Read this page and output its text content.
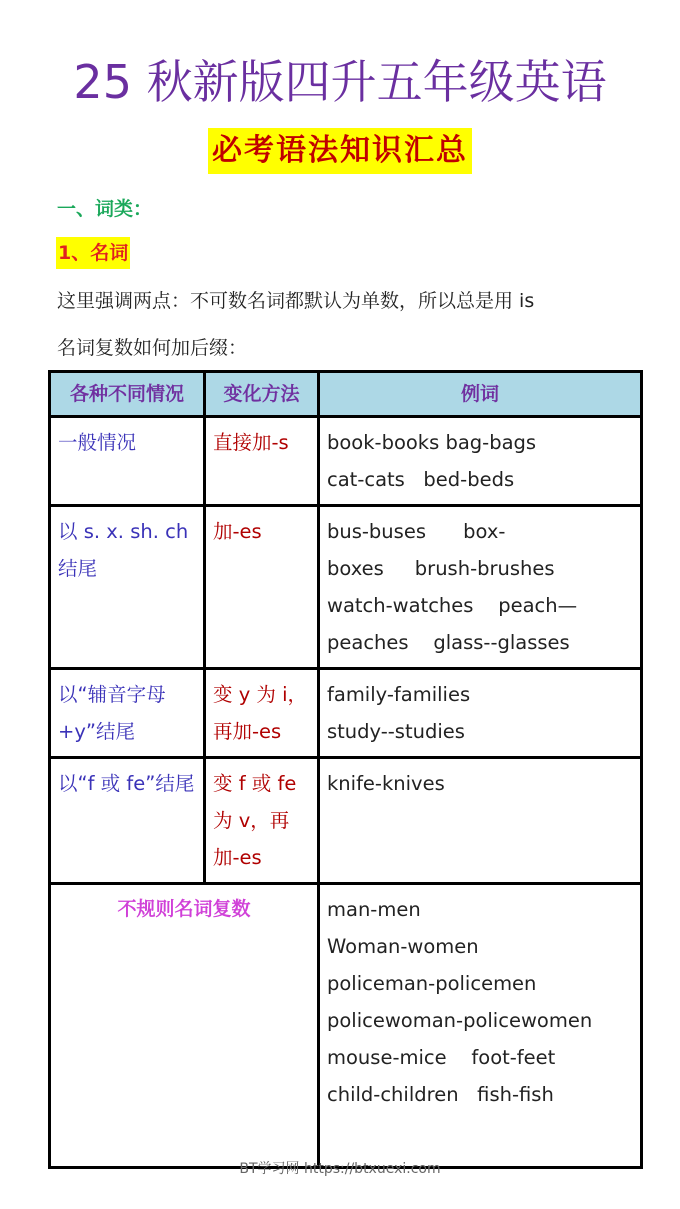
25 秋新版四升五年级英语
必考语法知识汇总
一、词类：
1、名词
这里强调两点：不可数名词都默认为单数，所以总是用 is
名词复数如何加后缀：
各种不同情况	变化方法	例词
一般情况	直接加-s	book-books bag-bags
cat-cats   bed-beds

以 s. x. sh. ch 结尾	加-es	bus-buses      box-boxes     brush-brushes
watch-watches    peach—peaches    glass--glasses

以“辅音字母+y”结尾	变 y 为 i，再加-es	family-families
study--studies

以“f 或 fe”结尾	变 f 或 fe 为 v，再加-es	knife-knives

不规则名词复数		man-men
Woman-women
policeman-policemen policewoman-policewomen
mouse-mice    foot-feet
child-children   fish-fish
BT学习网 https://btxuexi.com
